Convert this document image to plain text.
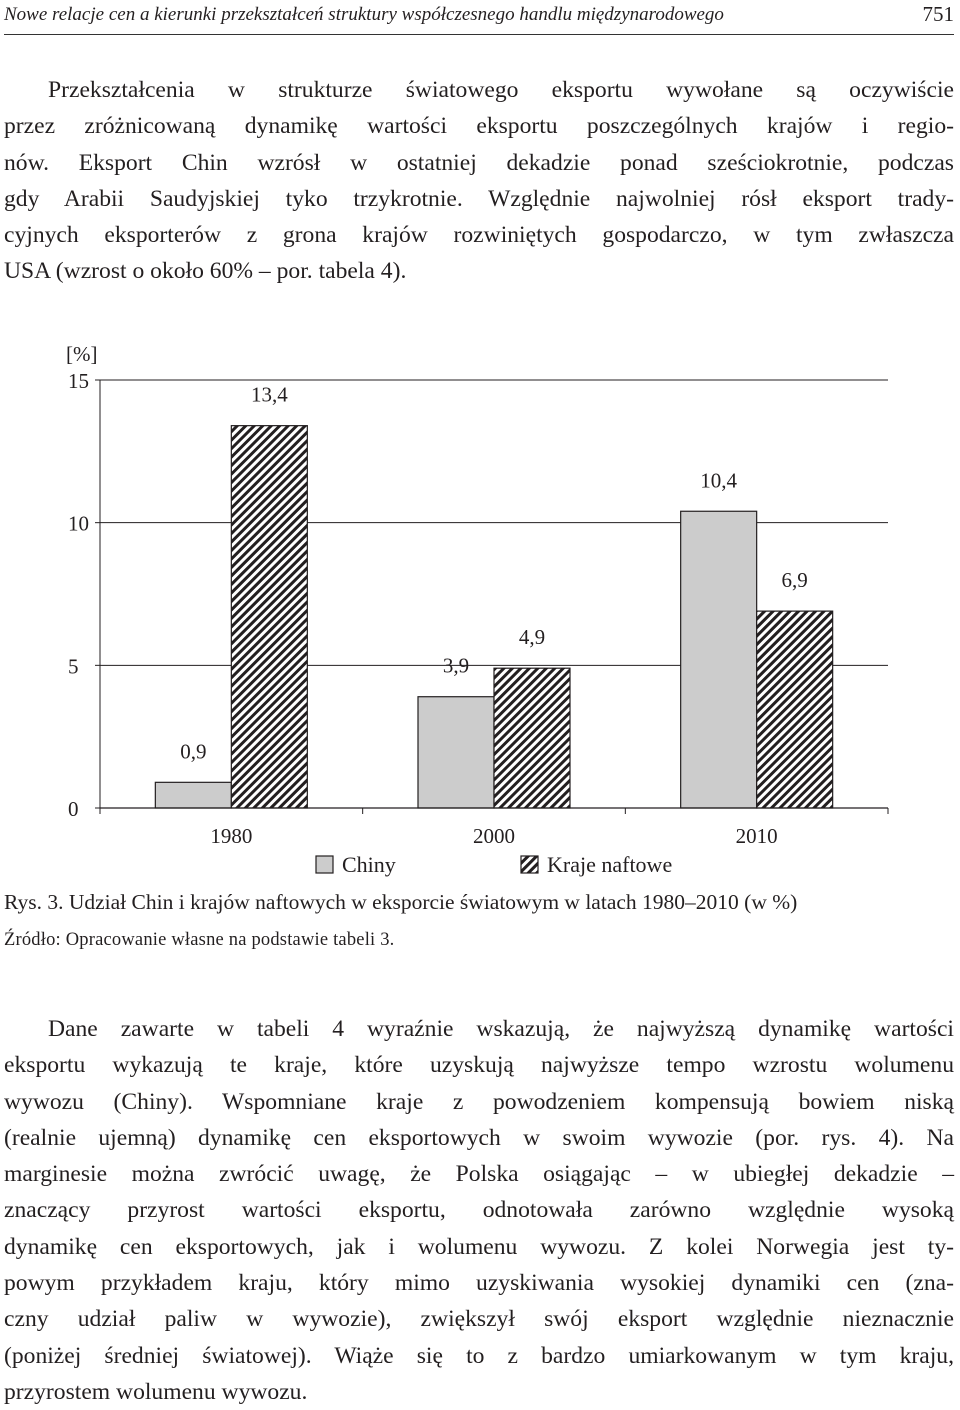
Nowe relacje cen a kierunki przekształceń struktury współczesnego handlu międzynarodowego	751
Przekształcenia w strukturze światowego eksportu wywołane są oczywiście
przez zróżnicowaną dynamikę wartości eksportu poszczególnych krajów i regio-
nów. Eksport Chin wzrósł w ostatniej dekadzie ponad sześciokrotnie, podczas
gdy Arabii Saudyjskiej tyko trzykrotnie. Względnie najwolniej rósł eksport trady-
cyjnych eksporterów z grona krajów rozwiniętych gospodarczo, w tym zwłaszcza
USA (wzrost o około 60% – por. tabela 4).
0
5
10
15
[%]
0,9
13,4
1980
3,9
4,9
2000
10,4
6,9
2010
Chiny	Kraje naftowe
Rys. 3. Udział Chin i krajów naftowych w eksporcie światowym w latach 1980–2010 (w %)
Źródło: Opracowanie własne na podstawie tabeli 3.
Dane zawarte w tabeli 4 wyraźnie wskazują, że najwyższą dynamikę wartości
eksportu wykazują te kraje, które uzyskują najwyższe tempo wzrostu wolumenu
wywozu (Chiny). Wspomniane kraje z powodzeniem kompensują bowiem niską
(realnie ujemną) dynamikę cen eksportowych w swoim wywozie (por. rys. 4). Na
marginesie można zwrócić uwagę, że Polska osiągając – w ubiegłej dekadzie –
znaczący przyrost wartości eksportu, odnotowała zarówno względnie wysoką
dynamikę cen eksportowych, jak i wolumenu wywozu. Z kolei Norwegia jest ty-
powym przykładem kraju, który mimo uzyskiwania wysokiej dynamiki cen (zna-
czny udział paliw w wywozie), zwiększył swój eksport względnie nieznacznie
(poniżej średniej światowej). Wiąże się to z bardzo umiarkowanym w tym kraju,
przyrostem wolumenu wywozu.
